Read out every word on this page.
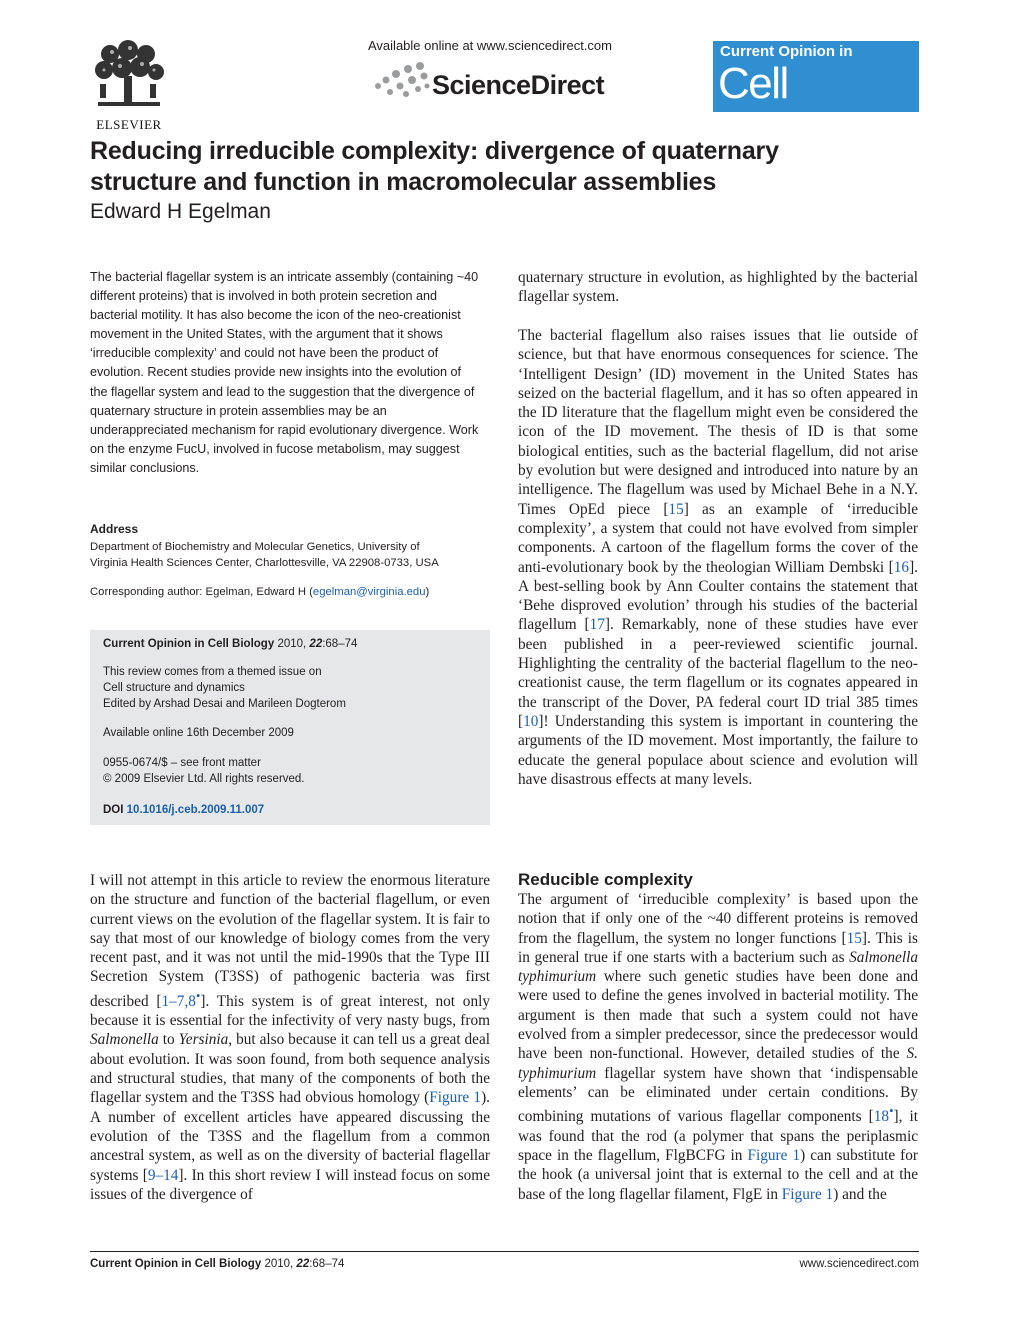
ELSEVIER
Available online at www.sciencedirect.com
ScienceDirect
Current Opinion in
Cell Biology
Reducing irreducible complexity: divergence of quaternary
structure and function in macromolecular assemblies
Edward H Egelman
The bacterial flagellar system is an intricate assembly (containing ~40 different proteins) that is involved in both protein secretion and bacterial motility. It has also become the icon of the neo-creationist movement in the United States, with the argument that it shows ‘irreducible complexity’ and could not have been the product of evolution. Recent studies provide new insights into the evolution of the flagellar system and lead to the suggestion that the divergence of quaternary structure in protein assemblies may be an underappreciated mechanism for rapid evolutionary divergence. Work on the enzyme FucU, involved in fucose metabolism, may suggest similar conclusions.
Address
Department of Biochemistry and Molecular Genetics, University of
Virginia Health Sciences Center, Charlottesville, VA 22908-0733, USA
Corresponding author: Egelman, Edward H (egelman@virginia.edu)
Current Opinion in Cell Biology 2010, 22:68–74
This review comes from a themed issue on
Cell structure and dynamics
Edited by Arshad Desai and Marileen Dogterom
Available online 16th December 2009
0955-0674/$ – see front matter
© 2009 Elsevier Ltd. All rights reserved.
DOI 10.1016/j.ceb.2009.11.007

I will not attempt in this article to review the enormous literature on the structure and function of the bacterial flagellum, or even current views on the evolution of the flagellar system. It is fair to say that most of our knowledge of biology comes from the very recent past, and it was not until the mid-1990s that the Type III Secretion System (T3SS) of pathogenic bacteria was first described [1–7,8•]. This system is of great interest, not only because it is essential for the infectivity of very nasty bugs, from Salmonella to Yersinia, but also because it can tell us a great deal about evolution. It was soon found, from both sequence analysis and structural studies, that many of the components of both the flagellar system and the T3SS had obvious homology (Figure 1). A number of excellent articles have appeared discussing the evolution of the T3SS and the flagellum from a common ancestral system, as well as on the diversity of bacterial flagellar systems [9–14]. In this short review I will instead focus on some issues of the divergence of

quaternary structure in evolution, as highlighted by the bacterial flagellar system.

The bacterial flagellum also raises issues that lie outside of science, but that have enormous consequences for science. The ‘Intelligent Design’ (ID) movement in the United States has seized on the bacterial flagellum, and it has so often appeared in the ID literature that the flagellum might even be considered the icon of the ID movement. The thesis of ID is that some biological entities, such as the bacterial flagellum, did not arise by evolution but were designed and introduced into nature by an intelligence. The flagellum was used by Michael Behe in a N.Y. Times OpEd piece [15] as an example of ‘irreducible complexity’, a system that could not have evolved from simpler components. A cartoon of the flagellum forms the cover of the anti-evolutionary book by the theologian William Dembski [16]. A best-selling book by Ann Coulter contains the statement that ‘Behe disproved evolution’ through his studies of the bacterial flagellum [17]. Remarkably, none of these studies have ever been published in a peer-reviewed scientific journal. Highlighting the centrality of the bacterial flagellum to the neo-creationist cause, the term flagellum or its cognates appeared in the transcript of the Dover, PA federal court ID trial 385 times [10]! Understanding this system is important in countering the arguments of the ID movement. Most importantly, the failure to educate the general populace about science and evolution will have disastrous effects at many levels.

Reducible complexity

The argument of ‘irreducible complexity’ is based upon the notion that if only one of the ~40 different proteins is removed from the flagellum, the system no longer functions [15]. This is in general true if one starts with a bacterium such as Salmonella typhimurium where such genetic studies have been done and were used to define the genes involved in bacterial motility. The argument is then made that such a system could not have evolved from a simpler predecessor, since the predecessor would have been non-functional. However, detailed studies of the S. typhimurium flagellar system have shown that ‘indispensable elements’ can be eliminated under certain conditions. By combining mutations of various flagellar components [18•], it was found that the rod (a polymer that spans the periplasmic space in the flagellum, FlgBCFG in Figure 1) can substitute for the hook (a universal joint that is external to the cell and at the base of the long flagellar filament, FlgE in Figure 1) and the

Current Opinion in Cell Biology 2010, 22:68–74	www.sciencedirect.com
